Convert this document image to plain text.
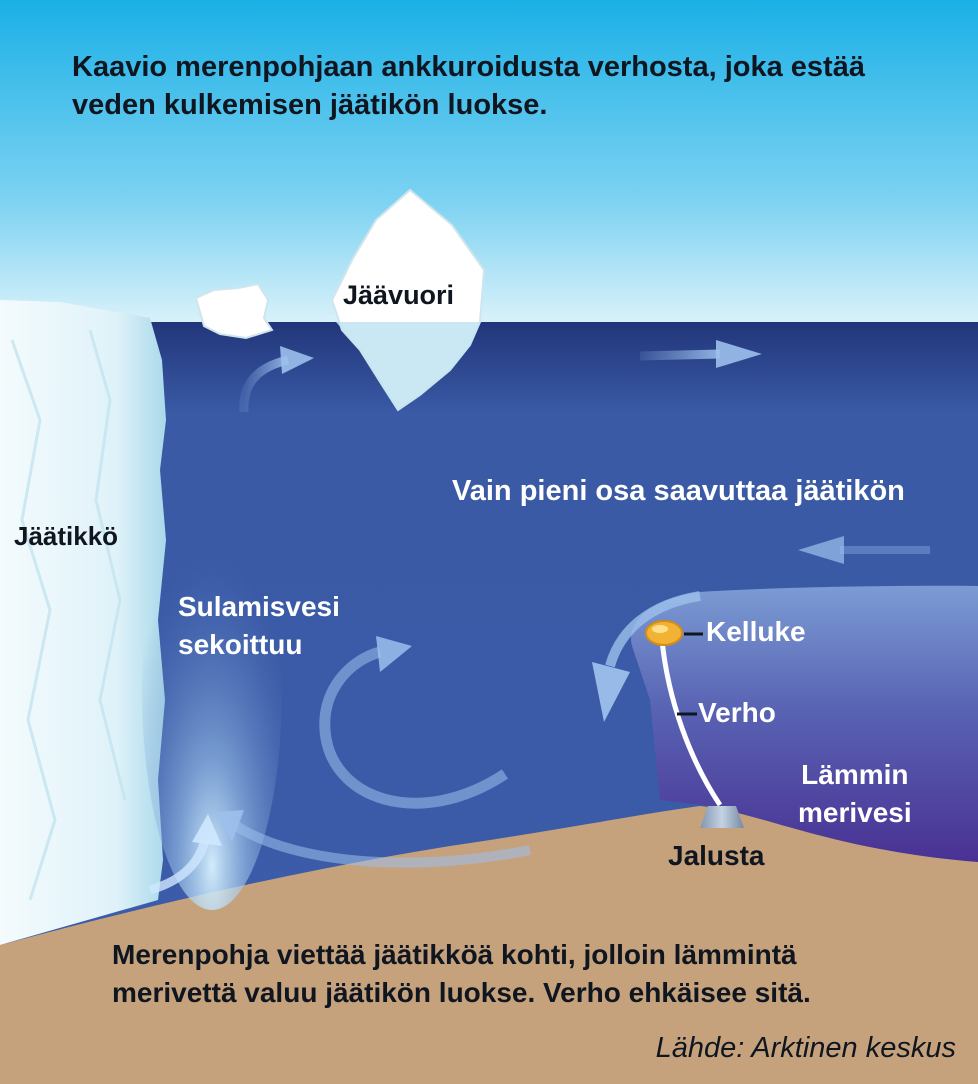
Kaavio merenpohjaan ankkuroidusta verhosta, joka estää
veden kulkemisen jäätikön luokse.

Jäätikkö

Jäävuori

Vain pieni osa saavuttaa jäätikön

Sulamisvesi
sekoittuu	Kelluke

Verho

Lämmin
merivesi

Jalusta

Merenpohja viettää jäätikköä kohti, jolloin lämmintä
merivettä valuu jäätikön luokse. Verho ehkäisee sitä.

Lähde: Arktinen keskus
